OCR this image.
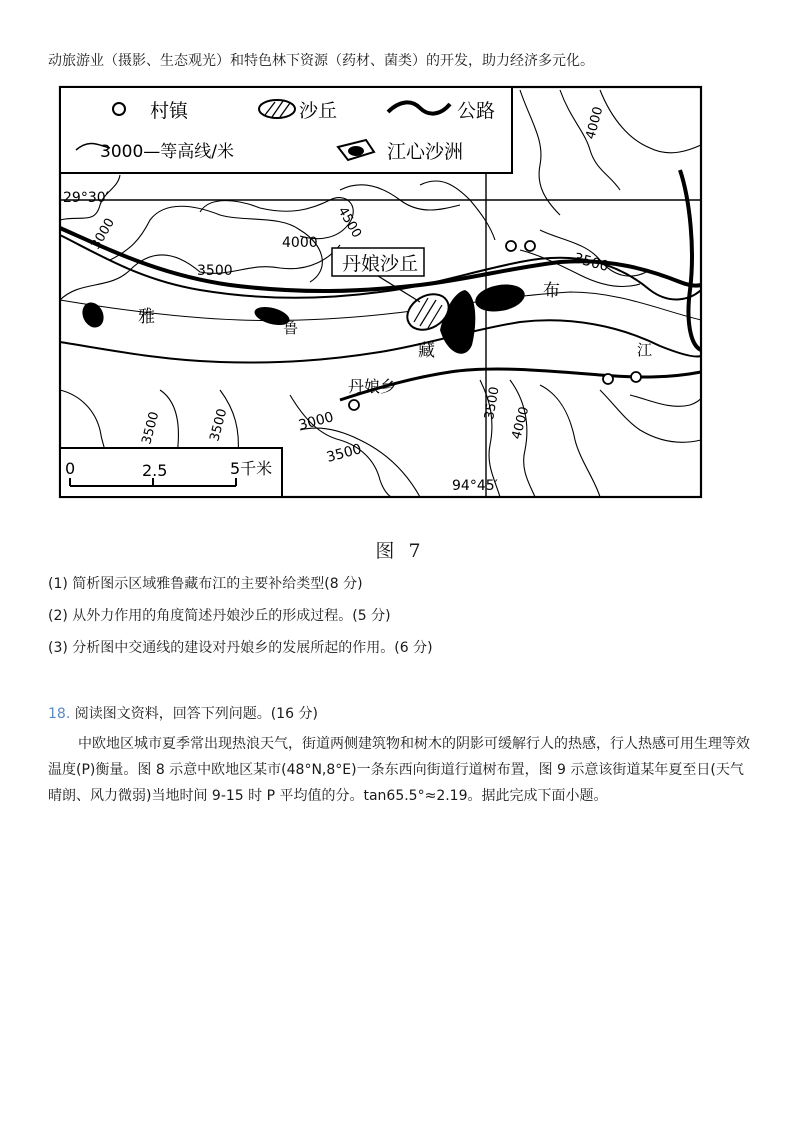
动旅游业（摄影、生态观光）和特色林下资源（药材、菌类）的开发，助力经济多元化。
村镇	沙丘	公路
3000—等高线/米	江心沙洲
29°30′
94°45′
丹娘沙丘
丹娘乡
雅
鲁
藏
布
江
3000	4000
4500
3500
4000
3500
3000
3500
3500	3500	4000
3500
0	2.5	5千米
图 7
(1) 简析图示区域雅鲁藏布江的主要补给类型(8 分)
(2) 从外力作用的角度简述丹娘沙丘的形成过程。(5 分)
(3) 分析图中交通线的建设对丹娘乡的发展所起的作用。(6 分)
18. 阅读图文资料，回答下列问题。(16 分)
中欧地区城市夏季常出现热浪天气，街道两侧建筑物和树木的阴影可缓解行人的热感，行人热感可用生理等效温度(P)衡量。图 8 示意中欧地区某市(48°N,8°E)一条东西向街道行道树布置，图 9 示意该街道某年夏至日(天气晴朗、风力微弱)当地时间 9-15 时 P 平均值的分。tan65.5°≈2.19。据此完成下面小题。
